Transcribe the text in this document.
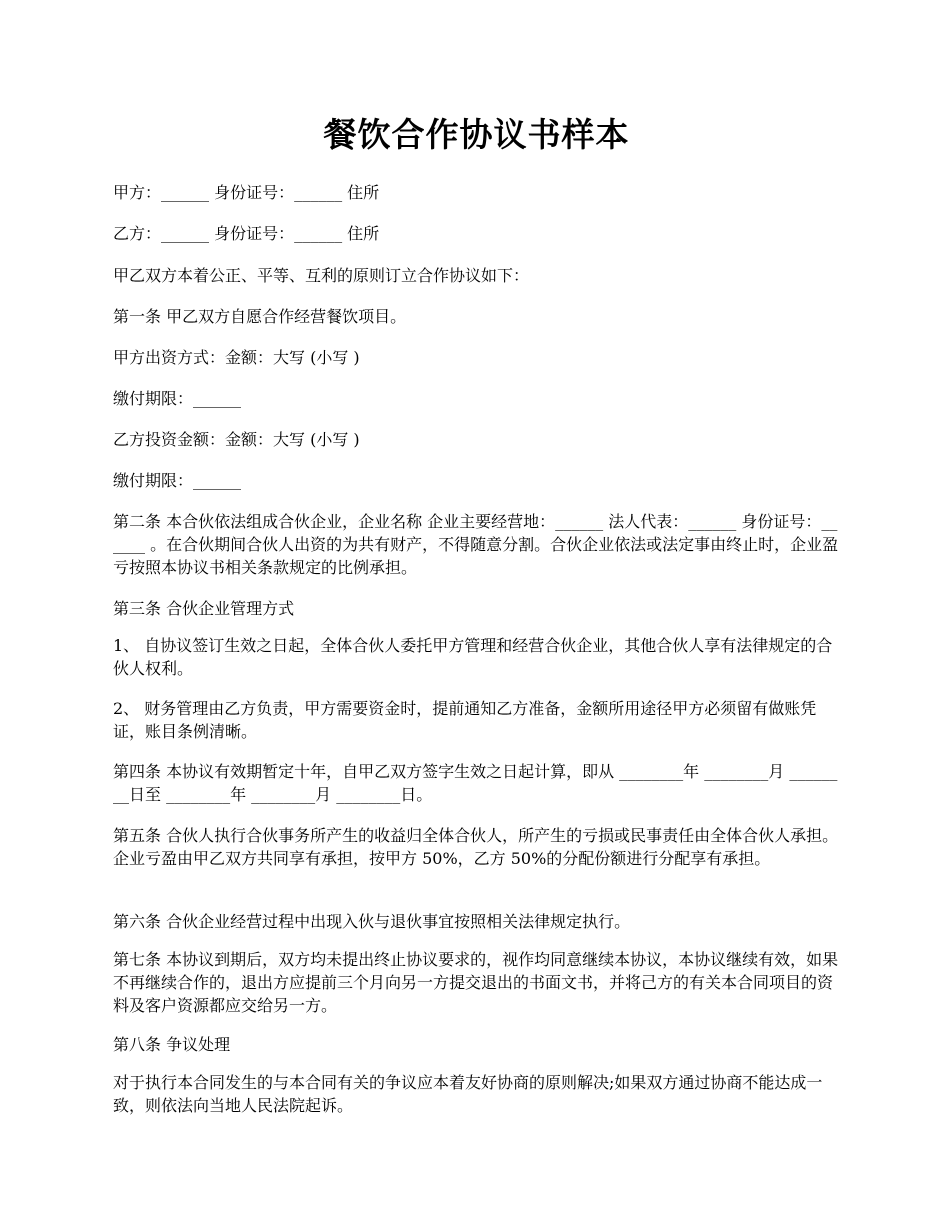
餐饮合作协议书样本

甲方：______ 身份证号：______ 住所

乙方：______ 身份证号：______ 住所

甲乙双方本着公正、平等、互利的原则订立合作协议如下：

第一条 甲乙双方自愿合作经营餐饮项目。

甲方出资方式：金额：大写 (小写 )

缴付期限：______

乙方投资金额：金额：大写 (小写 )

缴付期限：______

第二条 本合伙依法组成合伙企业，企业名称 企业主要经营地：______ 法人代表：______ 身份证号：______ 。在合伙期间合伙人出资的为共有财产，不得随意分割。合伙企业依法或法定事由终止时，企业盈亏按照本协议书相关条款规定的比例承担。

第三条 合伙企业管理方式

1、 自协议签订生效之日起，全体合伙人委托甲方管理和经营合伙企业，其他合伙人享有法律规定的合伙人权利。

2、 财务管理由乙方负责，甲方需要资金时，提前通知乙方准备，金额所用途径甲方必须留有做账凭证，账目条例清晰。

第四条 本协议有效期暂定十年，自甲乙双方签字生效之日起计算，即从 ________年 ________月 ________日至 ________年 ________月 ________日。

第五条 合伙人执行合伙事务所产生的收益归全体合伙人，所产生的亏损或民事责任由全体合伙人承担。企业亏盈由甲乙双方共同享有承担，按甲方 50%，乙方 50%的分配份额进行分配享有承担。

第六条 合伙企业经营过程中出现入伙与退伙事宜按照相关法律规定执行。

第七条 本协议到期后，双方均未提出终止协议要求的，视作均同意继续本协议，本协议继续有效，如果不再继续合作的，退出方应提前三个月向另一方提交退出的书面文书，并将己方的有关本合同项目的资料及客户资源都应交给另一方。

第八条 争议处理

对于执行本合同发生的与本合同有关的争议应本着友好协商的原则解决;如果双方通过协商不能达成一致，则依法向当地人民法院起诉。
